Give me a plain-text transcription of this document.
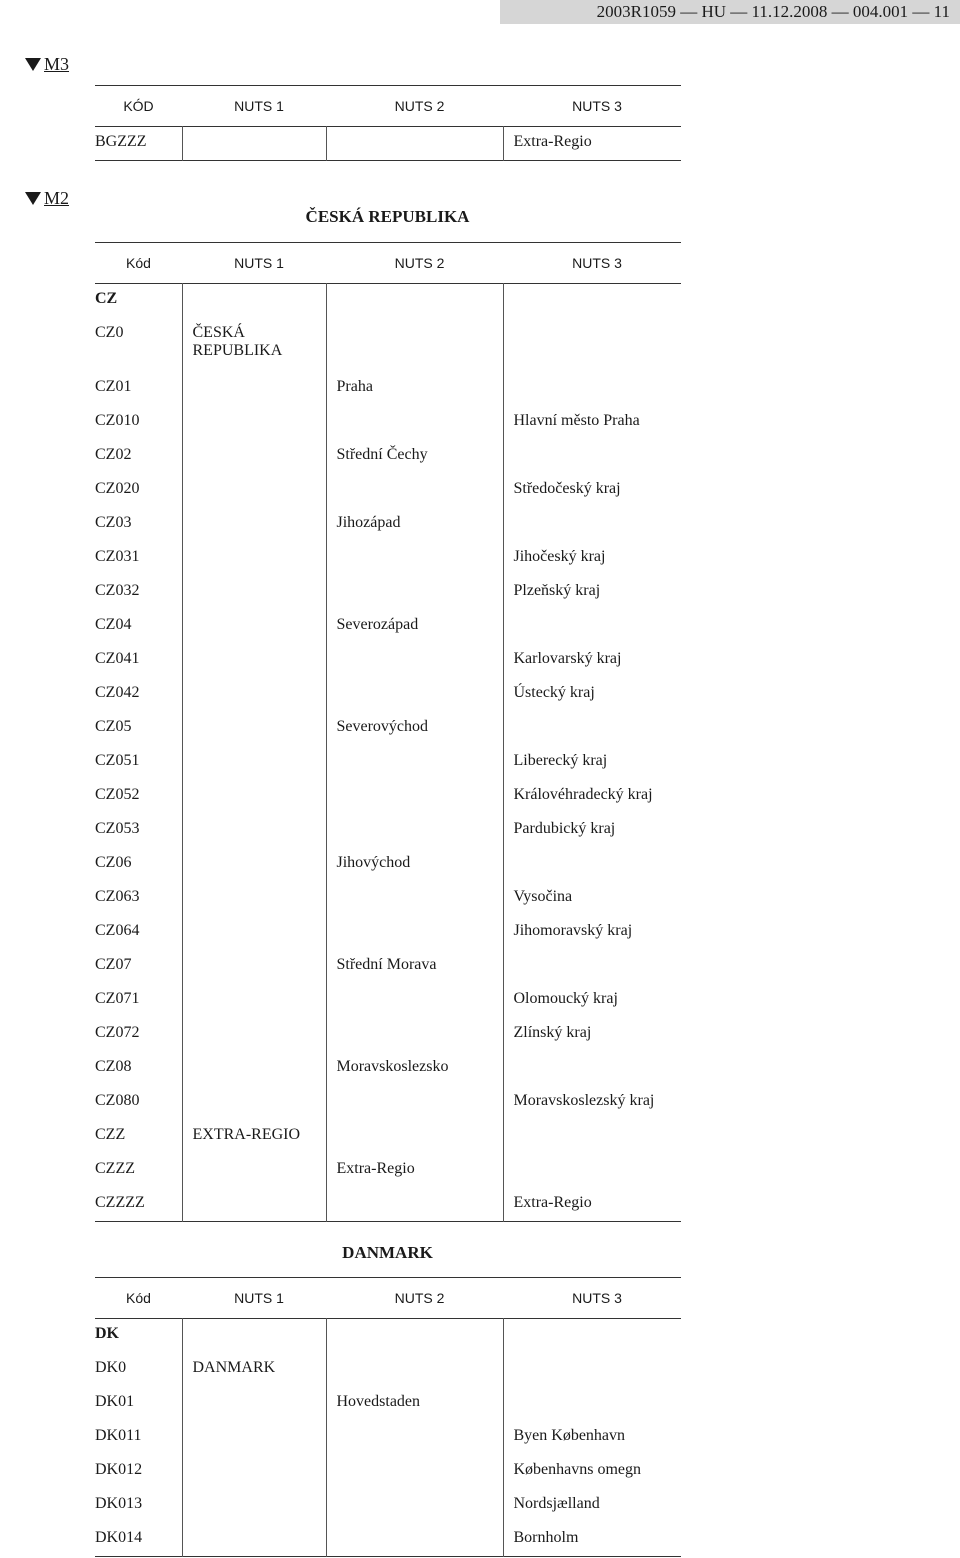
2003R1059 — HU — 11.12.2008 — 004.001 — 11
M3
KÓD	NUTS 1	NUTS 2	NUTS 3
BGZZZ			Extra-Regio
M2
ČESKÁ REPUBLIKA
Kód	NUTS 1	NUTS 2	NUTS 3
CZ			
CZ0	ČESKÁ REPUBLIKA		
CZ01		Praha	
CZ010			Hlavní město Praha
CZ02		Střední Čechy	
CZ020			Středočeský kraj
CZ03		Jihozápad	
CZ031			Jihočeský kraj
CZ032			Plzeňský kraj
CZ04		Severozápad	
CZ041			Karlovarský kraj
CZ042			Ústecký kraj
CZ05		Severovýchod	
CZ051			Liberecký kraj
CZ052			Královéhradecký kraj
CZ053			Pardubický kraj
CZ06		Jihovýchod	
CZ063			Vysočina
CZ064			Jihomoravský kraj
CZ07		Střední Morava	
CZ071			Olomoucký kraj
CZ072			Zlínský kraj
CZ08		Moravskoslezsko	
CZ080			Moravskoslezský kraj
CZZ	EXTRA-REGIO		
CZZZ		Extra-Regio	
CZZZZ			Extra-Regio
DANMARK
Kód	NUTS 1	NUTS 2	NUTS 3
DK			
DK0	DANMARK		
DK01		Hovedstaden	
DK011			Byen København
DK012			Københavns omegn
DK013			Nordsjælland
DK014			Bornholm
